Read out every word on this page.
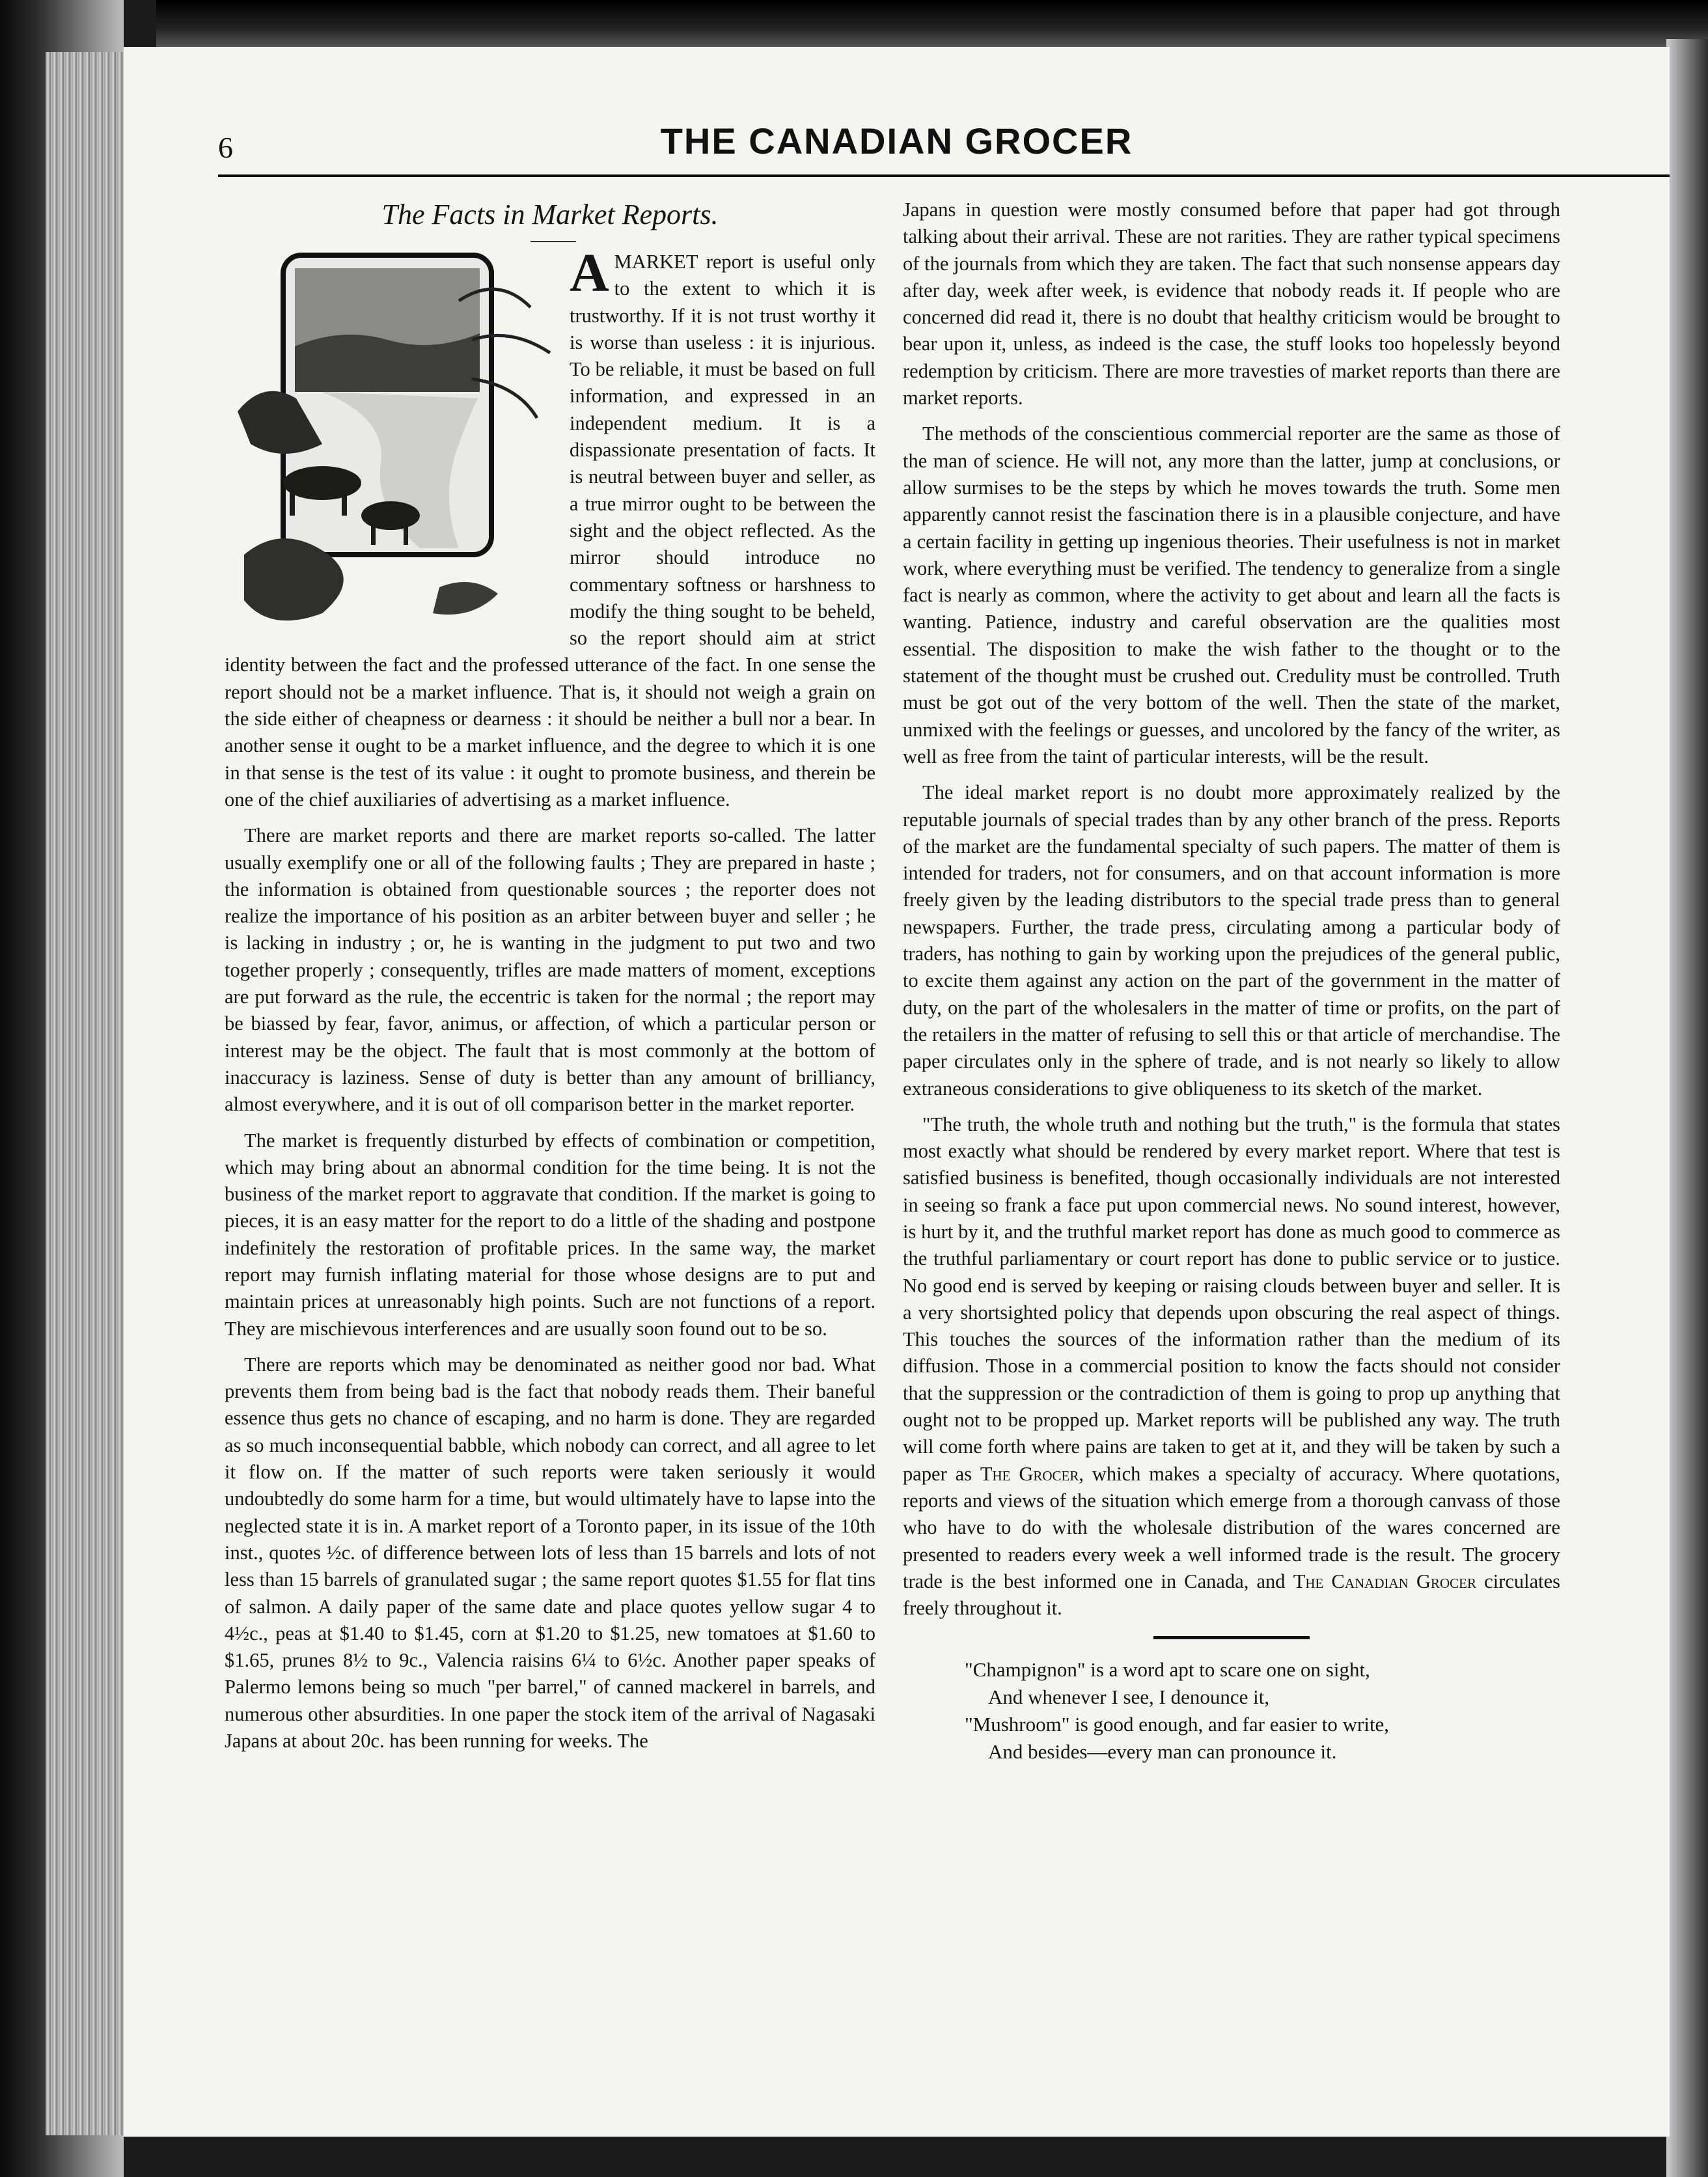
6	THE CANADIAN GROCER
The Facts in Market Reports.

AMARKET report is useful only to the extent to which it is trustworthy. If it is not trust worthy it is worse than useless : it is injurious. To be reliable, it must be based on full information, and expressed in an independent medium. It is a dispassionate presentation of facts. It is neutral between buyer and seller, as a true mirror ought to be between the sight and the object reflected. As the mirror should introduce no commentary softness or harshness to modify the thing sought to be beheld, so the report should aim at strict identity between the fact and the professed utterance of the fact. In one sense the report should not be a market influence. That is, it should not weigh a grain on the side either of cheapness or dearness : it should be neither a bull nor a bear. In another sense it ought to be a market influence, and the degree to which it is one in that sense is the test of its value : it ought to promote business, and therein be one of the chief auxiliaries of advertising as a market influence.

There are market reports and there are market reports so-called. The latter usually exemplify one or all of the following faults ; They are prepared in haste ; the information is obtained from questionable sources ; the reporter does not realize the importance of his position as an arbiter between buyer and seller ; he is lacking in industry ; or, he is wanting in the judgment to put two and two together properly ; consequently, trifles are made matters of moment, exceptions are put forward as the rule, the eccentric is taken for the normal ; the report may be biassed by fear, favor, animus, or affection, of which a particular person or interest may be the object. The fault that is most commonly at the bottom of inaccuracy is laziness. Sense of duty is better than any amount of brilliancy, almost everywhere, and it is out of oll comparison better in the market reporter.

The market is frequently disturbed by effects of combination or competition, which may bring about an abnormal condition for the time being. It is not the business of the market report to aggravate that condition. If the market is going to pieces, it is an easy matter for the report to do a little of the shading and postpone indefinitely the restoration of profitable prices. In the same way, the market report may furnish inflating material for those whose designs are to put and maintain prices at unreasonably high points. Such are not functions of a report. They are mischievous interferences and are usually soon found out to be so.

There are reports which may be denominated as neither good nor bad. What prevents them from being bad is the fact that nobody reads them. Their baneful essence thus gets no chance of escaping, and no harm is done. They are regarded as so much inconsequential babble, which nobody can correct, and all agree to let it flow on. If the matter of such reports were taken seriously it would undoubtedly do some harm for a time, but would ultimately have to lapse into the neglected state it is in. A market report of a Toronto paper, in its issue of the 10th inst., quotes ½c. of difference between lots of less than 15 barrels and lots of not less than 15 barrels of granulated sugar ; the same report quotes $1.55 for flat tins of salmon. A daily paper of the same date and place quotes yellow sugar 4 to 4½c., peas at $1.40 to $1.45, corn at $1.20 to $1.25, new tomatoes at $1.60 to $1.65, prunes 8½ to 9c., Valencia raisins 6¼ to 6½c. Another paper speaks of Palermo lemons being so much "per barrel," of canned mackerel in barrels, and numerous other absurdities. In one paper the stock item of the arrival of Nagasaki Japans at about 20c. has been running for weeks. The

Japans in question were mostly consumed before that paper had got through talking about their arrival. These are not rarities. They are rather typical specimens of the journals from which they are taken. The fact that such nonsense appears day after day, week after week, is evidence that nobody reads it. If people who are concerned did read it, there is no doubt that healthy criticism would be brought to bear upon it, unless, as indeed is the case, the stuff looks too hopelessly beyond redemption by criticism. There are more travesties of market reports than there are market reports.

The methods of the conscientious commercial reporter are the same as those of the man of science. He will not, any more than the latter, jump at conclusions, or allow surmises to be the steps by which he moves towards the truth. Some men apparently cannot resist the fascination there is in a plausible conjecture, and have a certain facility in getting up ingenious theories. Their usefulness is not in market work, where everything must be verified. The tendency to generalize from a single fact is nearly as common, where the activity to get about and learn all the facts is wanting. Patience, industry and careful observation are the qualities most essential. The disposition to make the wish father to the thought or to the statement of the thought must be crushed out. Credulity must be controlled. Truth must be got out of the very bottom of the well. Then the state of the market, unmixed with the feelings or guesses, and uncolored by the fancy of the writer, as well as free from the taint of particular interests, will be the result.

The ideal market report is no doubt more approximately realized by the reputable journals of special trades than by any other branch of the press. Reports of the market are the fundamental specialty of such papers. The matter of them is intended for traders, not for consumers, and on that account information is more freely given by the leading distributors to the special trade press than to general newspapers. Further, the trade press, circulating among a particular body of traders, has nothing to gain by working upon the prejudices of the general public, to excite them against any action on the part of the government in the matter of duty, on the part of the wholesalers in the matter of time or profits, on the part of the retailers in the matter of refusing to sell this or that article of merchandise. The paper circulates only in the sphere of trade, and is not nearly so likely to allow extraneous considerations to give obliqueness to its sketch of the market.

"The truth, the whole truth and nothing but the truth," is the formula that states most exactly what should be rendered by every market report. Where that test is satisfied business is benefited, though occasionally individuals are not interested in seeing so frank a face put upon commercial news. No sound interest, however, is hurt by it, and the truthful market report has done as much good to commerce as the truthful parliamentary or court report has done to public service or to justice. No good end is served by keeping or raising clouds between buyer and seller. It is a very shortsighted policy that depends upon obscuring the real aspect of things. This touches the sources of the information rather than the medium of its diffusion. Those in a commercial position to know the facts should not consider that the suppression or the contradiction of them is going to prop up anything that ought not to be propped up. Market reports will be published any way. The truth will come forth where pains are taken to get at it, and they will be taken by such a paper as The Grocer, which makes a specialty of accuracy. Where quotations, reports and views of the situation which emerge from a thorough canvass of those who have to do with the wholesale distribution of the wares concerned are presented to readers every week a well informed trade is the result. The grocery trade is the best informed one in Canada, and The Canadian Grocer circulates freely throughout it.

"Champignon" is a word apt to scare one on sight,
And whenever I see, I denounce it,
"Mushroom" is good enough, and far easier to write,
And besides—every man can pronounce it.
